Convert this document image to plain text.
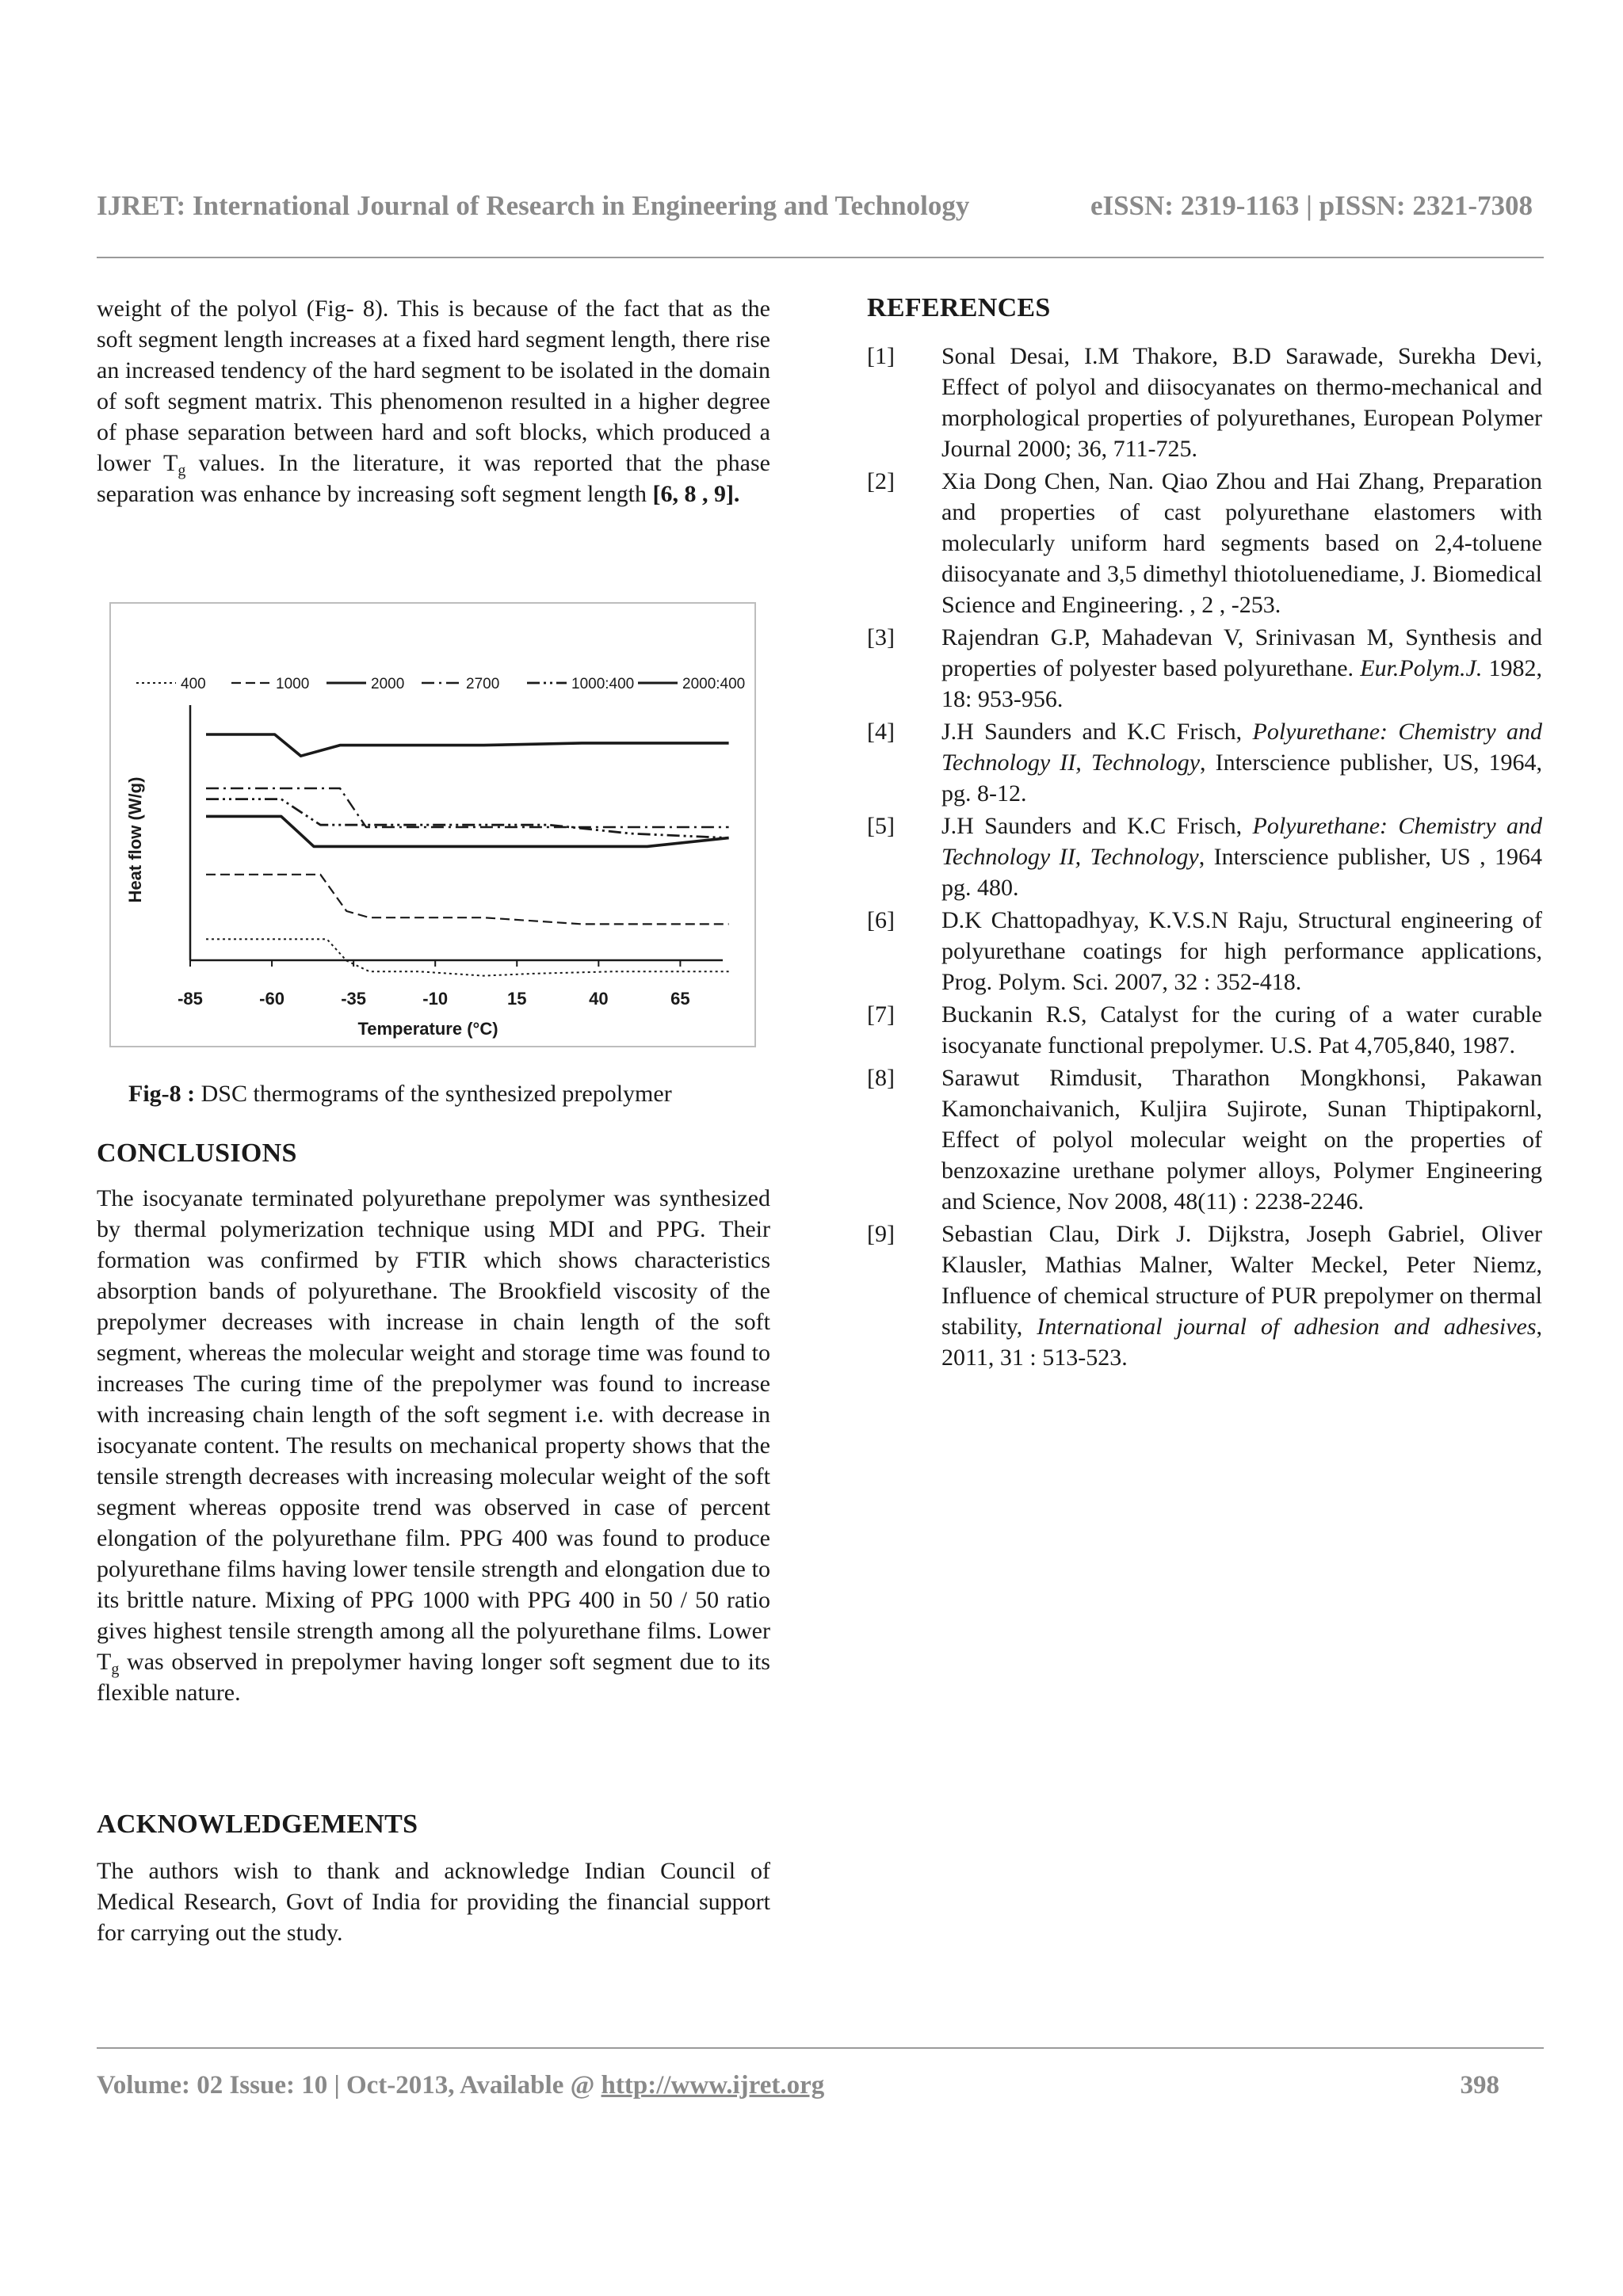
IJRET: International Journal of Research in Engineering and Technology	eISSN: 2319-1163 | pISSN: 2321-7308

weight of the polyol (Fig- 8). This is because of the fact that as the soft segment length increases at a fixed hard segment length, there rise an increased tendency of the hard segment to be isolated in the domain of soft segment matrix. This phenomenon resulted in a higher degree of phase separation between hard and soft blocks, which produced a lower $T_g$ values. In the literature, it was reported that the phase separation was enhance by increasing soft segment length [6, 8 , 9].

-85	-60	-35	-10	15	40	65
Temperature (°C)
Heat flow (W/g)
400	1000	2000	2700	1000:400	2000:400
Fig-8 : DSC thermograms of the synthesized prepolymer
CONCLUSIONS

The isocyanate terminated polyurethane prepolymer was synthesized by thermal polymerization technique using MDI and PPG. Their formation was confirmed by FTIR which shows characteristics absorption bands of polyurethane. The Brookfield viscosity of the prepolymer decreases with increase in chain length of the soft segment, whereas the molecular weight and storage time was found to increases The curing time of the prepolymer was found to increase with increasing chain length of the soft segment i.e. with decrease in isocyanate content. The results on mechanical property shows that the tensile strength decreases with increasing molecular weight of the soft segment whereas opposite trend was observed in case of percent elongation of the polyurethane film. PPG 400 was found to produce polyurethane films having lower tensile strength and elongation due to its brittle nature. Mixing of PPG 1000 with PPG 400 in 50 / 50 ratio gives highest tensile strength among all the polyurethane films. Lower $T_g$ was observed in prepolymer having longer soft segment due to its flexible nature.

ACKNOWLEDGEMENTS

The authors wish to thank and acknowledge Indian Council of Medical Research, Govt of India for providing the financial support for carrying out the study.

REFERENCES
[1] Sonal Desai, I.M Thakore, B.D Sarawade, Surekha Devi, Effect of polyol and diisocyanates on thermo-mechanical and morphological properties of polyurethanes, European Polymer Journal 2000; 36, 711-725.
[2] Xia Dong Chen, Nan. Qiao Zhou and Hai Zhang, Preparation and properties of cast polyurethane elastomers with molecularly uniform hard segments based on 2,4-toluene diisocyanate and 3,5 dimethyl thiotoluenediame, J. Biomedical Science and Engineering. , 2 , -253.
[3] Rajendran G.P, Mahadevan V, Srinivasan M, Synthesis and properties of polyester based polyurethane. Eur.Polym.J. 1982, 18: 953-956.
[4] J.H Saunders and K.C Frisch, Polyurethane: Chemistry and Technology II, Technology, Interscience publisher, US, 1964, pg. 8-12.
[5] J.H Saunders and K.C Frisch, Polyurethane: Chemistry and Technology II, Technology, Interscience publisher, US , 1964 pg. 480.
[6] D.K Chattopadhyay, K.V.S.N Raju, Structural engineering of polyurethane coatings for high performance applications, Prog. Polym. Sci. 2007, 32 : 352-418.
[7] Buckanin R.S, Catalyst for the curing of a water curable isocyanate functional prepolymer. U.S. Pat 4,705,840, 1987.
[8] Sarawut Rimdusit, Tharathon Mongkhonsi, Pakawan Kamonchaivanich, Kuljira Sujirote, Sunan Thiptipakornl, Effect of polyol molecular weight on the properties of benzoxazine urethane polymer alloys, Polymer Engineering and Science, Nov 2008, 48(11) : 2238-2246.
[9] Sebastian Clau, Dirk J. Dijkstra, Joseph Gabriel, Oliver Klausler, Mathias Malner, Walter Meckel, Peter Niemz, Influence of chemical structure of PUR prepolymer on thermal stability, International journal of adhesion and adhesives, 2011, 31 : 513-523.
Volume: 02 Issue: 10 | Oct-2013, Available @ http://www.ijret.org	398
